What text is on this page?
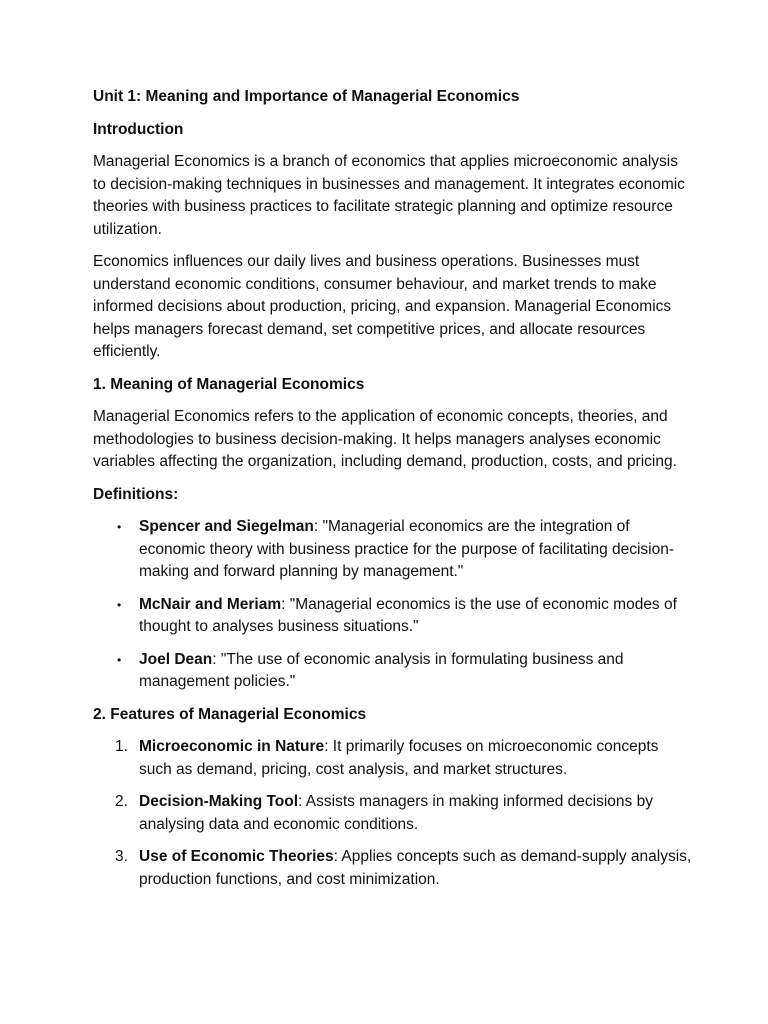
Unit 1: Meaning and Importance of Managerial Economics

Introduction

Managerial Economics is a branch of economics that applies microeconomic analysis to decision-making techniques in businesses and management. It integrates economic theories with business practices to facilitate strategic planning and optimize resource utilization.

Economics influences our daily lives and business operations. Businesses must understand economic conditions, consumer behaviour, and market trends to make informed decisions about production, pricing, and expansion. Managerial Economics helps managers forecast demand, set competitive prices, and allocate resources efficiently.

1. Meaning of Managerial Economics

Managerial Economics refers to the application of economic concepts, theories, and methodologies to business decision-making. It helps managers analyses economic variables affecting the organization, including demand, production, costs, and pricing.

Definitions:

• Spencer and Siegelman: "Managerial economics are the integration of economic theory with business practice for the purpose of facilitating decision-making and forward planning by management."
• McNair and Meriam: "Managerial economics is the use of economic modes of thought to analyses business situations."
• Joel Dean: "The use of economic analysis in formulating business and management policies."

2. Features of Managerial Economics

1. Microeconomic in Nature: It primarily focuses on microeconomic concepts such as demand, pricing, cost analysis, and market structures.
2. Decision-Making Tool: Assists managers in making informed decisions by analysing data and economic conditions.
3. Use of Economic Theories: Applies concepts such as demand-supply analysis, production functions, and cost minimization.
